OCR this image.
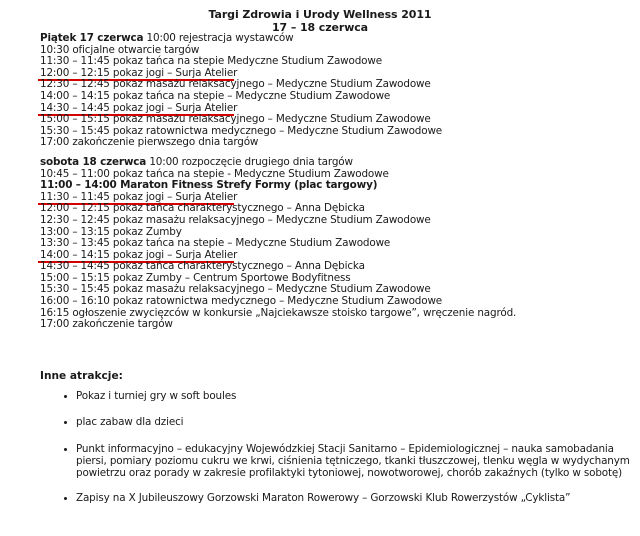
Targi Zdrowia i Urody Wellness 2011
17 – 18 czerwca
Piątek 17 czerwca 10:00 rejestracja wystawców
10:30 oficjalne otwarcie targów
11:30 – 11:45 pokaz tańca na stepie Medyczne Studium Zawodowe
12:00 – 12:15 pokaz jogi – Surja Atelier
12:30 – 12:45 pokaz masażu relaksacyjnego – Medyczne Studium Zawodowe
14:00 – 14:15 pokaz tańca na stepie – Medyczne Studium Zawodowe
14:30 – 14:45 pokaz jogi – Surja Atelier
15:00 – 15:15 pokaz masażu relaksacyjnego – Medyczne Studium Zawodowe
15:30 – 15:45 pokaz ratownictwa medycznego – Medyczne Studium Zawodowe
17:00 zakończenie pierwszego dnia targów
sobota 18 czerwca 10:00 rozpoczęcie drugiego dnia targów
10:45 – 11:00 pokaz tańca na stepie - Medyczne Studium Zawodowe
11:00 – 14:00 Maraton Fitness Strefy Formy (plac targowy)
11:30 – 11:45 pokaz jogi – Surja Atelier
12:00 – 12:15 pokaz tańca charakterystycznego – Anna Dębicka
12:30 – 12:45 pokaz masażu relaksacyjnego – Medyczne Studium Zawodowe
13:00 – 13:15 pokaz Zumby
13:30 – 13:45 pokaz tańca na stepie – Medyczne Studium Zawodowe
14:00 – 14:15 pokaz jogi – Surja Atelier
14:30 – 14:45 pokaz tańca charakterystycznego – Anna Dębicka
15:00 – 15:15 pokaz Zumby – Centrum Sportowe Bodyfitness
15:30 – 15:45 pokaz masażu relaksacyjnego – Medyczne Studium Zawodowe
16:00 – 16:10 pokaz ratownictwa medycznego – Medyczne Studium Zawodowe
16:15 ogłoszenie zwycięzców w konkursie „Najciekawsze stoisko targowe”, wręczenie nagród.
17:00 zakończenie targów
Inne atrakcje:
Pokaz i turniej gry w soft boules
plac zabaw dla dzieci
Punkt informacyjno – edukacyjny Wojewódzkiej Stacji Sanitarno – Epidemiologicznej – nauka samobadania piersi, pomiary poziomu cukru we krwi, ciśnienia tętniczego, tkanki tłuszczowej, tlenku węgla w wydychanym powietrzu oraz porady w zakresie profilaktyki tytoniowej, nowotworowej, chorób zakaźnych (tylko w sobotę)
Zapisy na X Jubileuszowy Gorzowski Maraton Rowerowy – Gorzowski Klub Rowerzystów „Cyklista”
